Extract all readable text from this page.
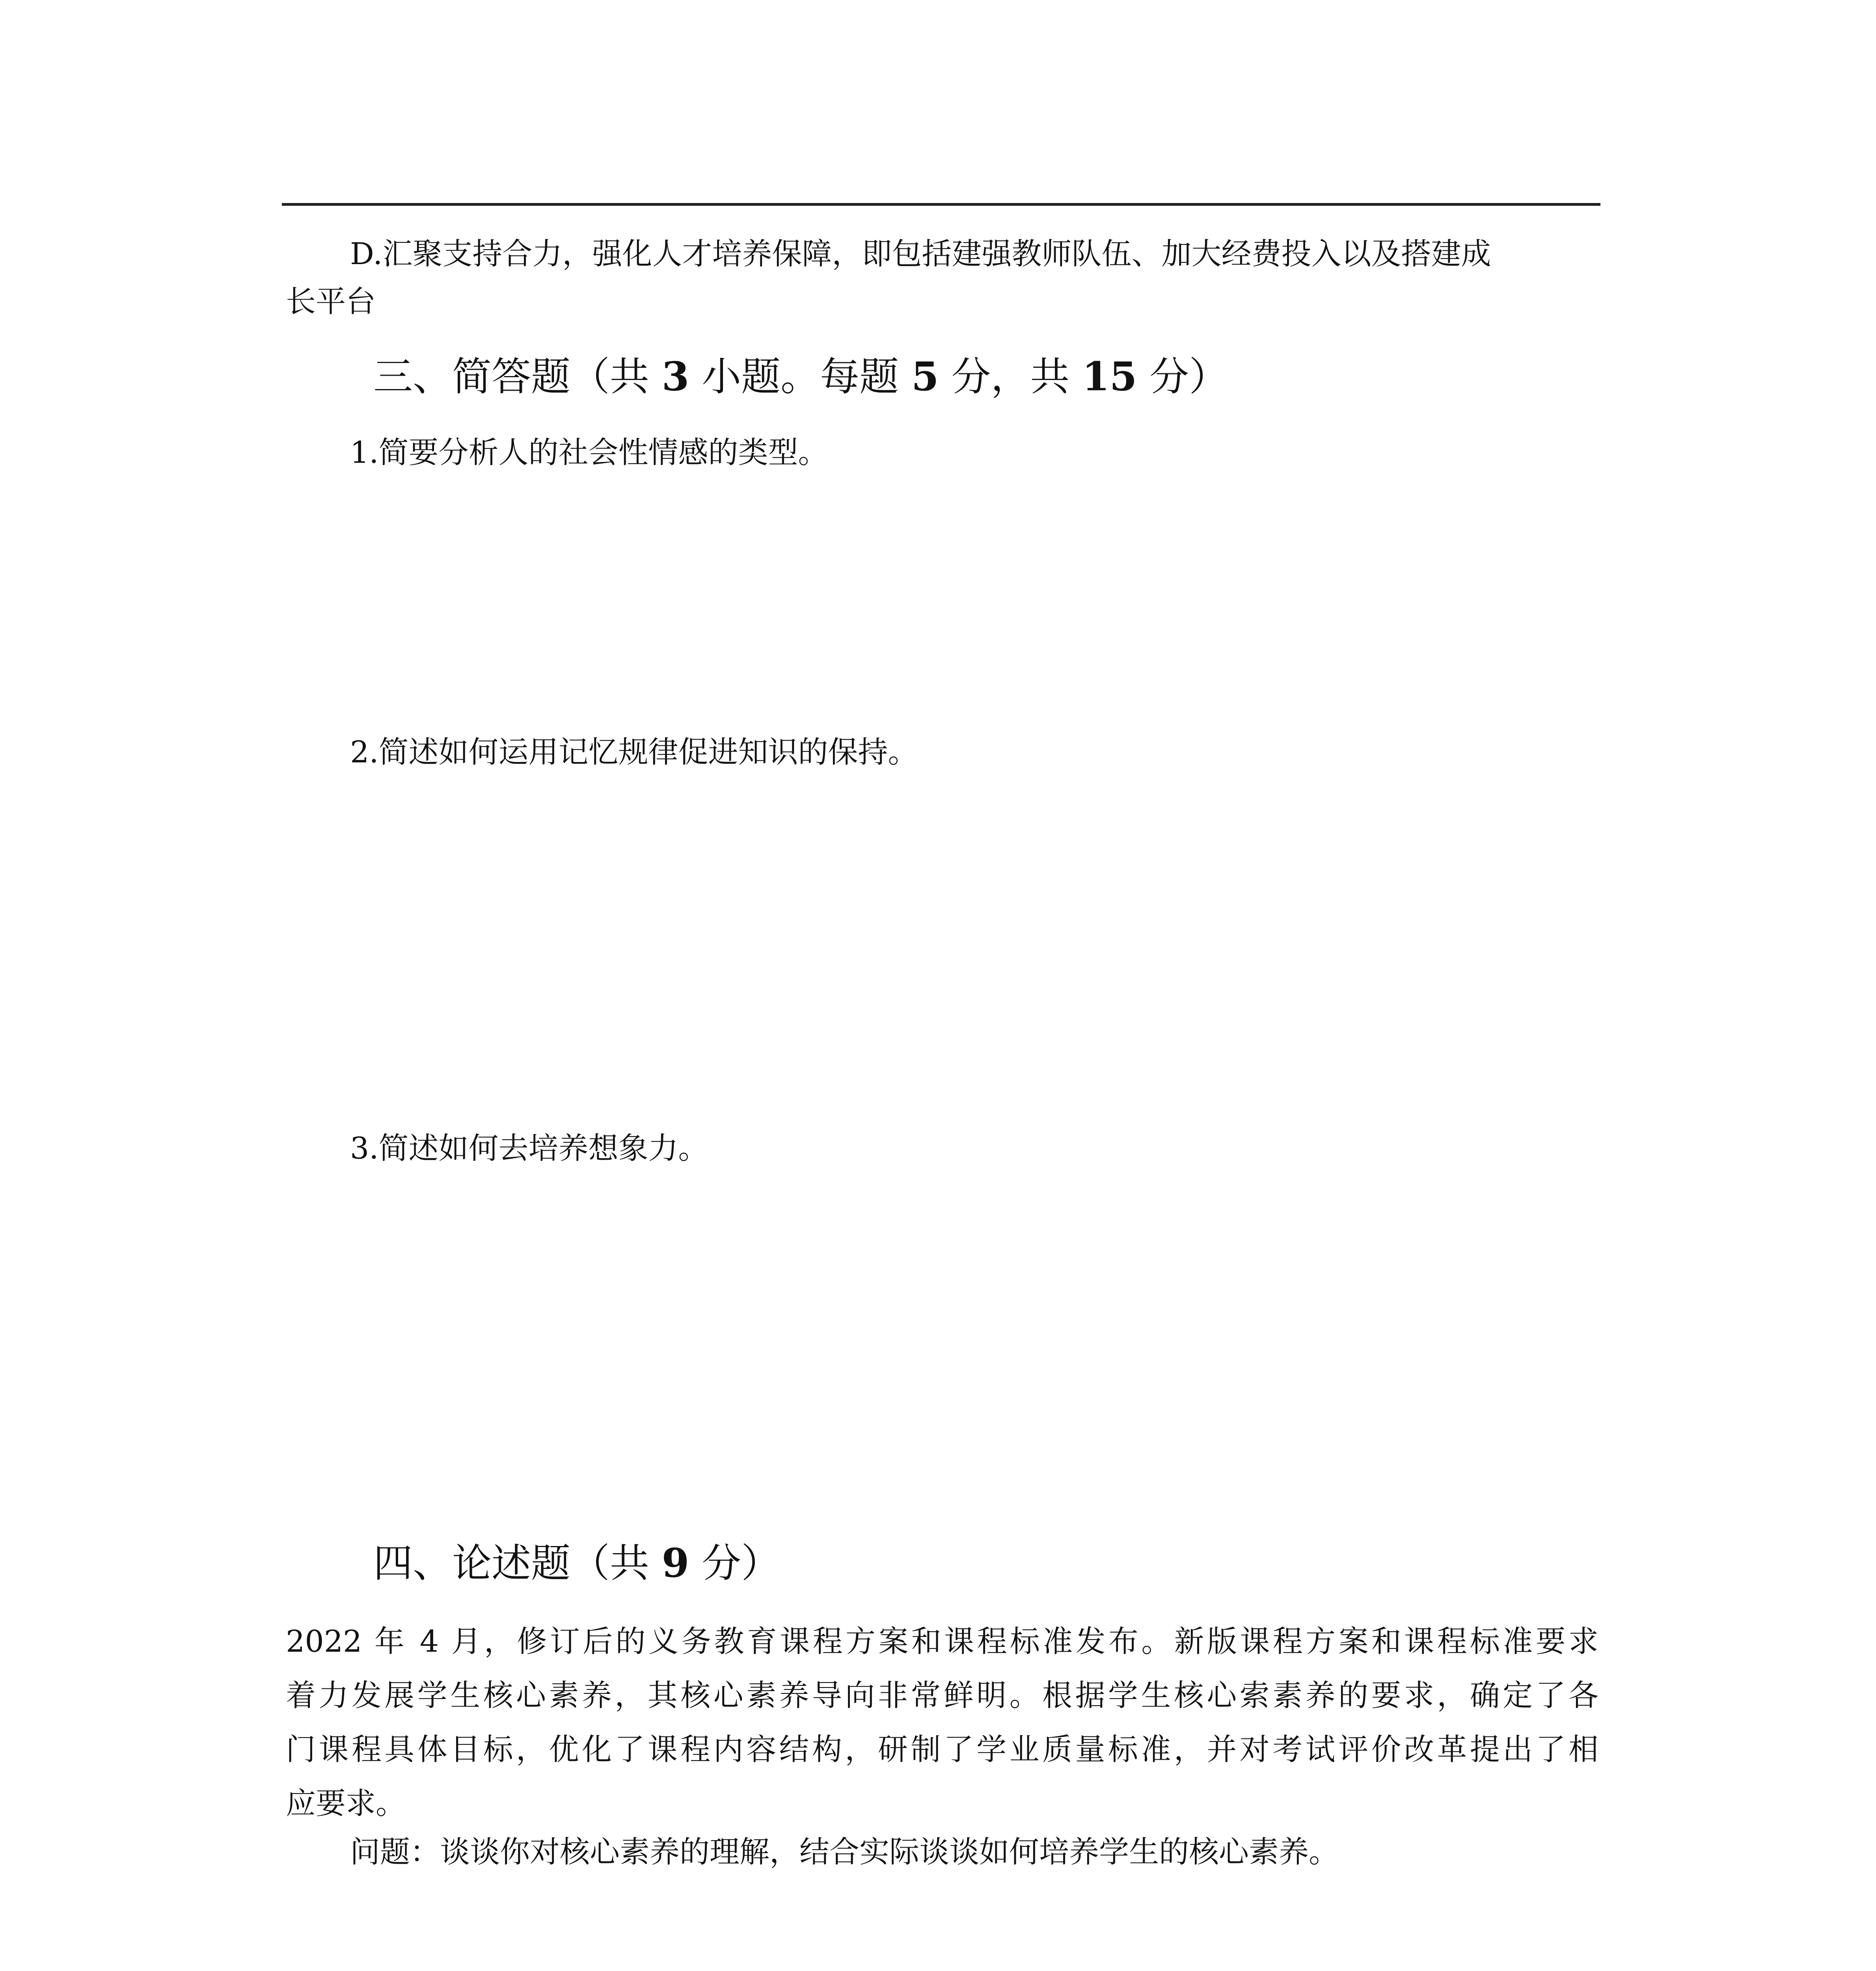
D.汇聚支持合力，强化人才培养保障，即包括建强教师队伍、加大经费投入以及搭建成

长平台

三、简答题（共 3 小题。每题 5 分，共 15 分）

1.简要分析人的社会性情感的类型。

2.简述如何运用记忆规律促进知识的保持。

3.简述如何去培养想象力。

四、论述题（共 9 分）

2022 年 4 月，修订后的义务教育课程方案和课程标准发布。新版课程方案和课程标准要求

着力发展学生核心素养，其核心素养导向非常鲜明。根据学生核心索素养的要求，确定了各

门课程具体目标，优化了课程内容结构，研制了学业质量标准，并对考试评价改革提出了相

应要求。

问题：谈谈你对核心素养的理解，结合实际谈谈如何培养学生的核心素养。
